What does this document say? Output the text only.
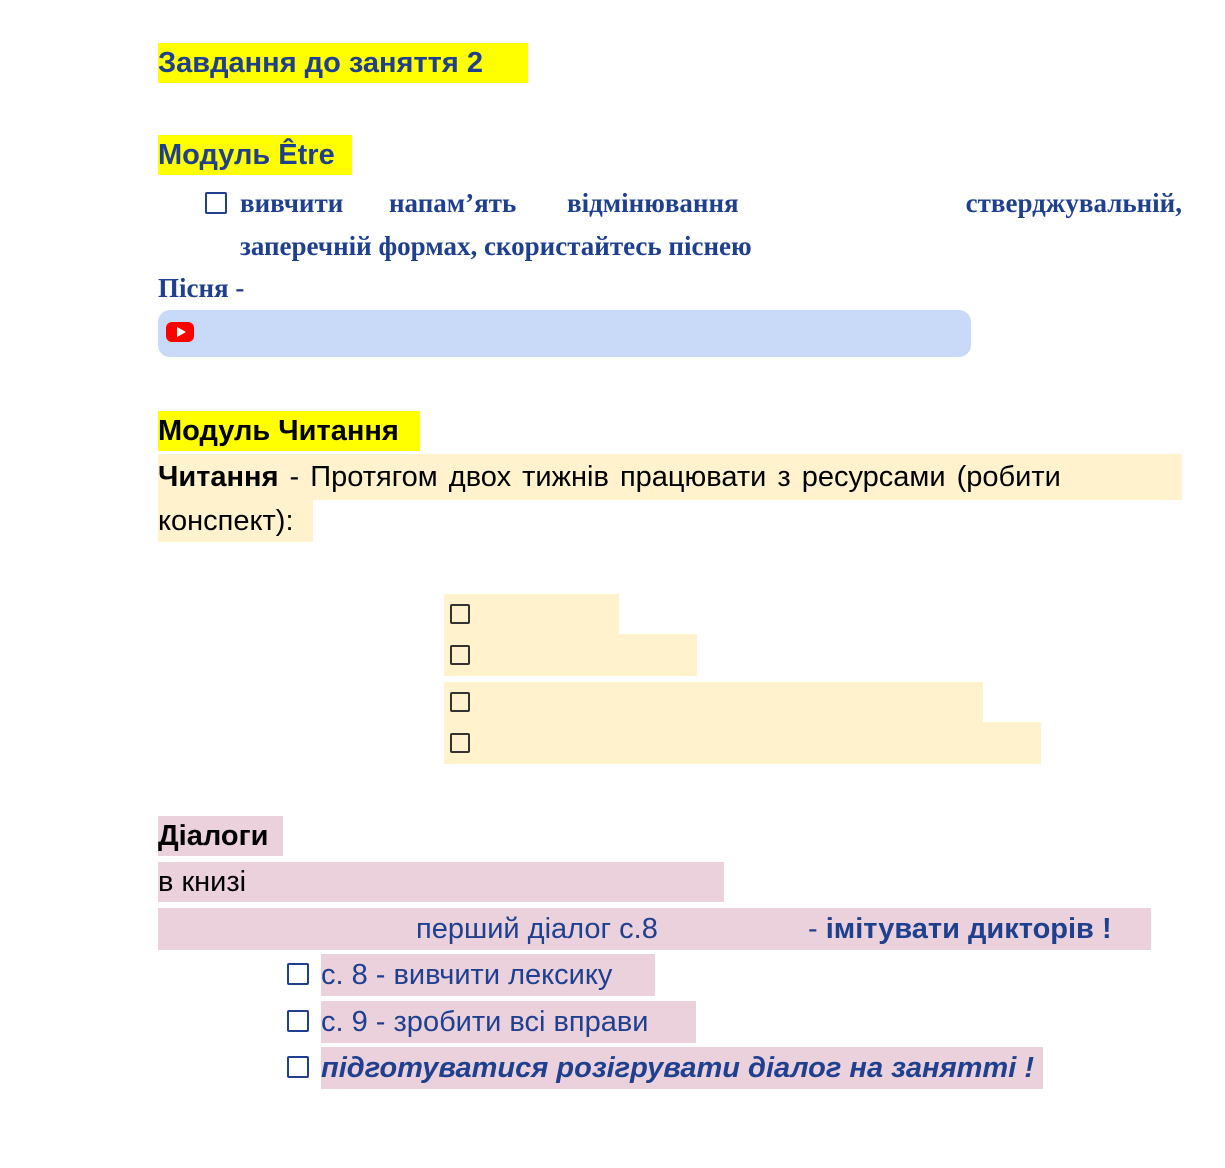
Завдання до заняття 2
Модуль Être
вивчити напам’ять відмінювання	стверджувальній,
заперечній формах, скористайтесь піснею
Пісня -
Модуль Читання
Читання - Протягом двох тижнів працювати з ресурсами (робити
конспект):
Діалоги
в книзі
перший діалог с.8	- імітувати дикторів !
с. 8 - вивчити лексику
с. 9 - зробити всі вправи
підготуватися розігрувати діалог на занятті !
